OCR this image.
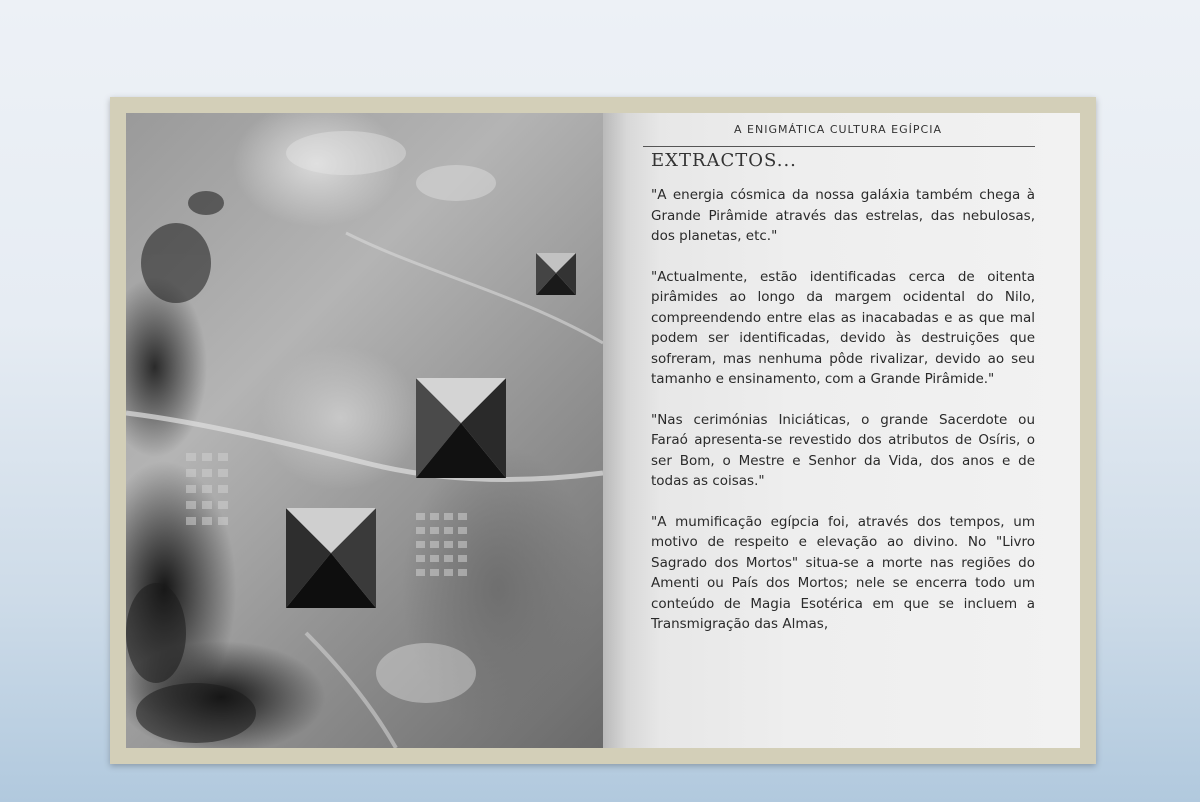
A ENIGMÁTICA CULTURA EGÍPCIA
EXTRACTOS...

"A energia cósmica da nossa galáxia também chega à Grande Pirâmide através das estrelas, das nebulosas, dos planetas, etc."

"Actualmente, estão identificadas cerca de oitenta pirâmides ao longo da margem ocidental do Nilo, compreendendo entre elas as inacabadas e as que mal podem ser identificadas, devido às destruições que sofreram, mas nenhuma pôde rivalizar, devido ao seu tamanho e ensinamento, com a Grande Pirâmide."

"Nas cerimónias Iniciáticas, o grande Sacerdote ou Faraó apresenta-se revestido dos atributos de Osíris, o ser Bom, o Mestre e Senhor da Vida, dos anos e de todas as coisas."

"A mumificação egípcia foi, através dos tempos, um motivo de respeito e elevação ao divino. No "Livro Sagrado dos Mortos" situa-se a morte nas regiões do Amenti ou País dos Mortos; nele se encerra todo um conteúdo de Magia Esotérica em que se incluem a Transmigração das Almas,
